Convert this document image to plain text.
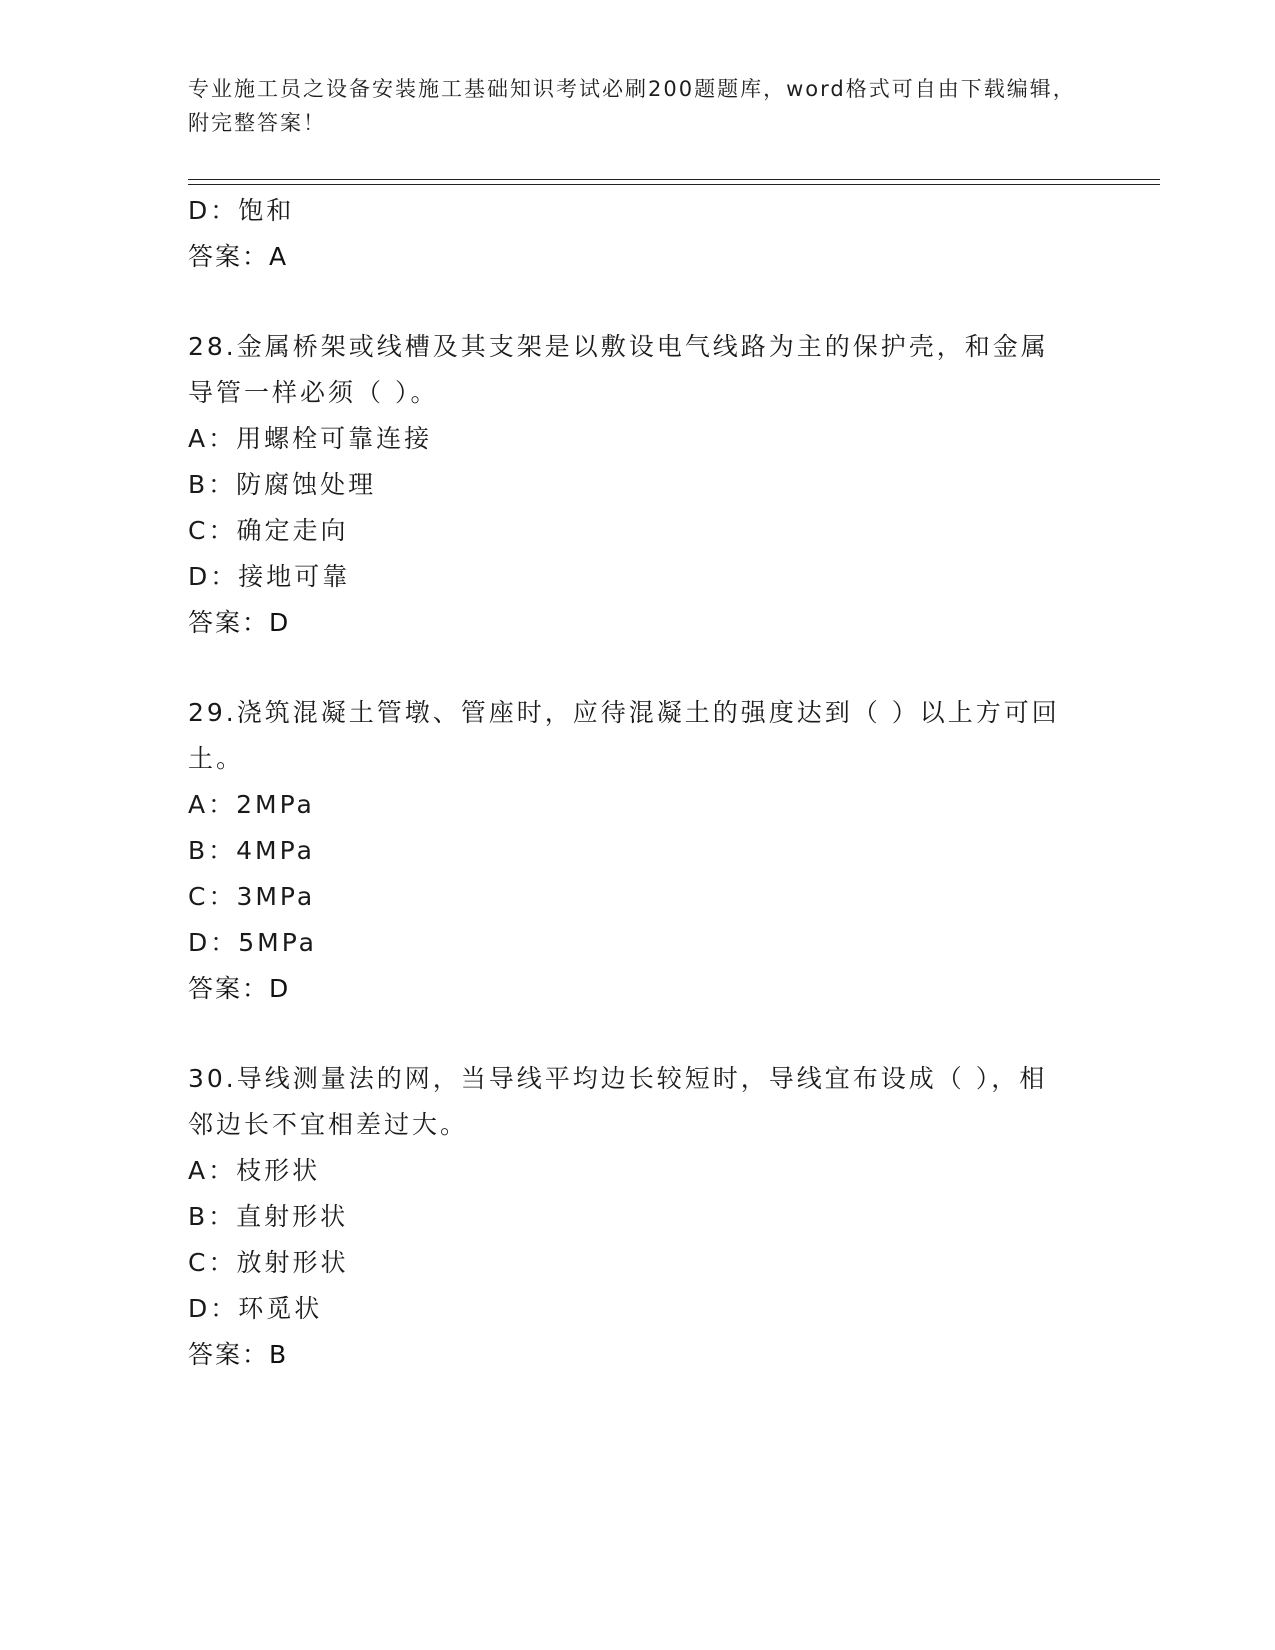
专业施工员之设备安装施工基础知识考试必刷200题题库，word格式可自由下载编辑，附完整答案！
D：饱和
答案：A
28.金属桥架或线槽及其支架是以敷设电气线路为主的保护壳，和金属导管一样必须（ ）。
A：用螺栓可靠连接
B：防腐蚀处理
C：确定走向
D：接地可靠
答案：D
29.浇筑混凝土管墩、管座时，应待混凝土的强度达到（ ）以上方可回土。
A：2MPa
B：4MPa
C：3MPa
D：5MPa
答案：D
30.导线测量法的网，当导线平均边长较短时，导线宜布设成（ ），相邻边长不宜相差过大。
A：枝形状
B：直射形状
C：放射形状
D：环觅状
答案：B
